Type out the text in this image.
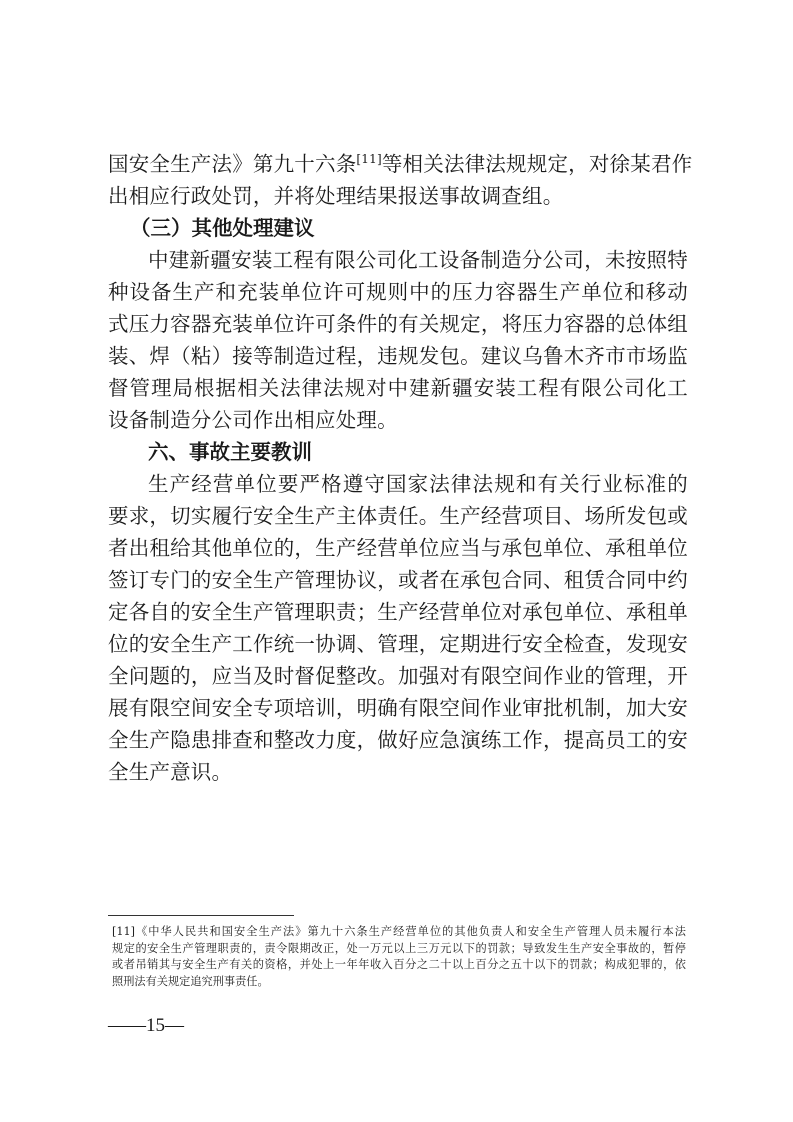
国安全生产法》第九十六条[11]等相关法律法规规定，对徐某君作
出相应行政处罚，并将处理结果报送事故调查组。
（三）其他处理建议
中建新疆安装工程有限公司化工设备制造分公司，未按照特
种设备生产和充装单位许可规则中的压力容器生产单位和移动
式压力容器充装单位许可条件的有关规定，将压力容器的总体组
装、焊（粘）接等制造过程，违规发包。建议乌鲁木齐市市场监
督管理局根据相关法律法规对中建新疆安装工程有限公司化工
设备制造分公司作出相应处理。
六、事故主要教训
生产经营单位要严格遵守国家法律法规和有关行业标准的
要求，切实履行安全生产主体责任。生产经营项目、场所发包或
者出租给其他单位的，生产经营单位应当与承包单位、承租单位
签订专门的安全生产管理协议，或者在承包合同、租赁合同中约
定各自的安全生产管理职责；生产经营单位对承包单位、承租单
位的安全生产工作统一协调、管理，定期进行安全检查，发现安
全问题的，应当及时督促整改。加强对有限空间作业的管理，开
展有限空间安全专项培训，明确有限空间作业审批机制，加大安
全生产隐患排查和整改力度，做好应急演练工作，提高员工的安
全生产意识。
[11]《中华人民共和国安全生产法》第九十六条生产经营单位的其他负责人和安全生产管理人员未履行本法
规定的安全生产管理职责的，责令限期改正，处一万元以上三万元以下的罚款；导致发生生产安全事故的，暂停
或者吊销其与安全生产有关的资格，并处上一年年收入百分之二十以上百分之五十以下的罚款；构成犯罪的，依
照刑法有关规定追究刑事责任。
——15—
